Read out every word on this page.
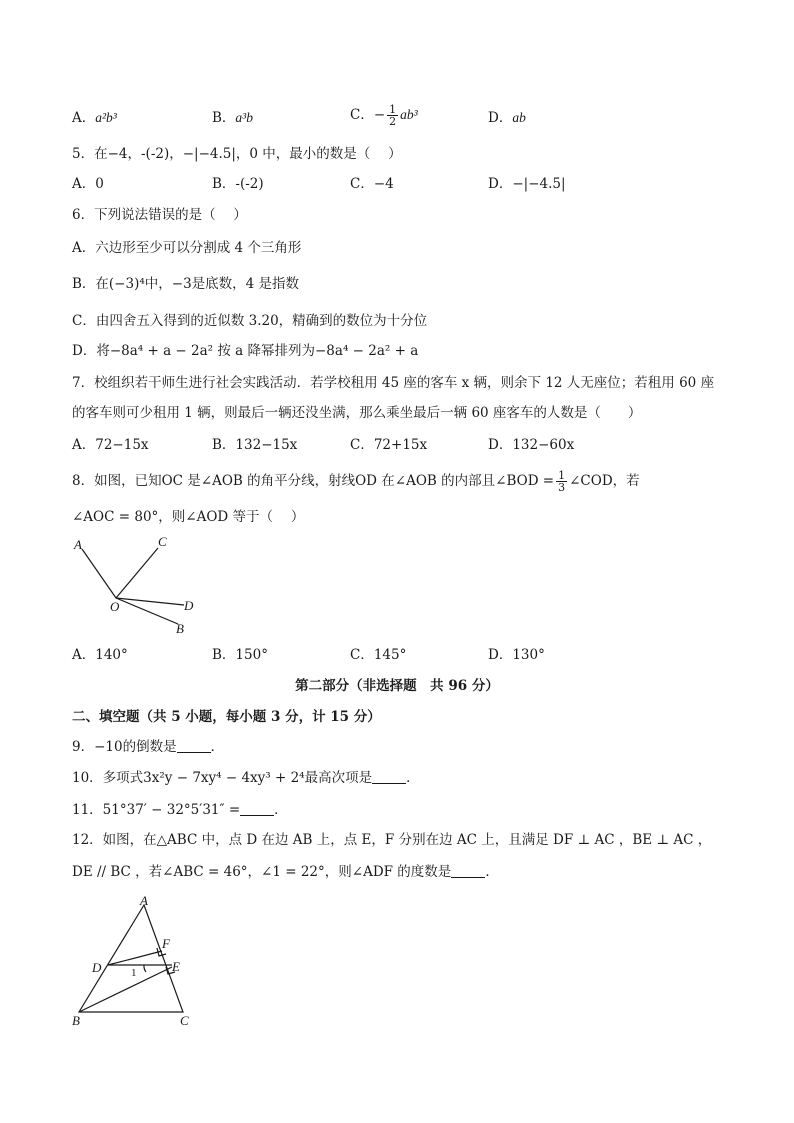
A．a²b³	B．a³b	C．− $\frac{1}{2} ab^3$	D．ab
5．在−4，-(-2)，−|−4.5|，0 中，最小的数是（　 ）
A．0	B．-(-2)	C．−4	D．−|−4.5|
6．下列说法错误的是（　 ）
A．六边形至少可以分割成 4 个三角形
B．在(−3)⁴中，−3是底数，4 是指数
C．由四舍五入得到的近似数 3.20，精确到的数位为十分位
D．将−8a⁴ + a − 2a² 按 a 降幂排列为−8a⁴ − 2a² + a
7．校组织若干师生进行社会实践活动．若学校租用 45 座的客车 x 辆，则余下 12 人无座位；若租用 60 座
的客车则可少租用 1 辆，则最后一辆还没坐满，那么乘坐最后一辆 60 座客车的人数是（　　）
A．72−15x	B．132−15x	C．72+15x	D．132−60x
8．如图，已知OC 是∠AOB 的角平分线，射线OD 在∠AOB 的内部且∠BOD = $\frac{1}{3}$ ∠COD，若
∠AOC = 80°，则∠AOD 等于（　 ）
A	C
O	D
B
A．140°	B．150°	C．145°	D．130°
第二部分（非选择题　共 96 分）
二、填空题（共 5 小题，每小题 3 分，计 15 分）
9．−10的倒数是	．
10．多项式3x²y − 7xy⁴ − 4xy³ + 2⁴最高次项是	．
11．51°37′ − 32°5′31″ =	．
12．如图，在△ABC 中，点 D 在边 AB 上，点 E，F 分别在边 AC 上，且满足 DF ⊥ AC ，BE ⊥ AC ，
DE // BC ，若∠ABC = 46°，∠1 = 22°，则∠ADF 的度数是	．
A
F
D	E
1
B	C
